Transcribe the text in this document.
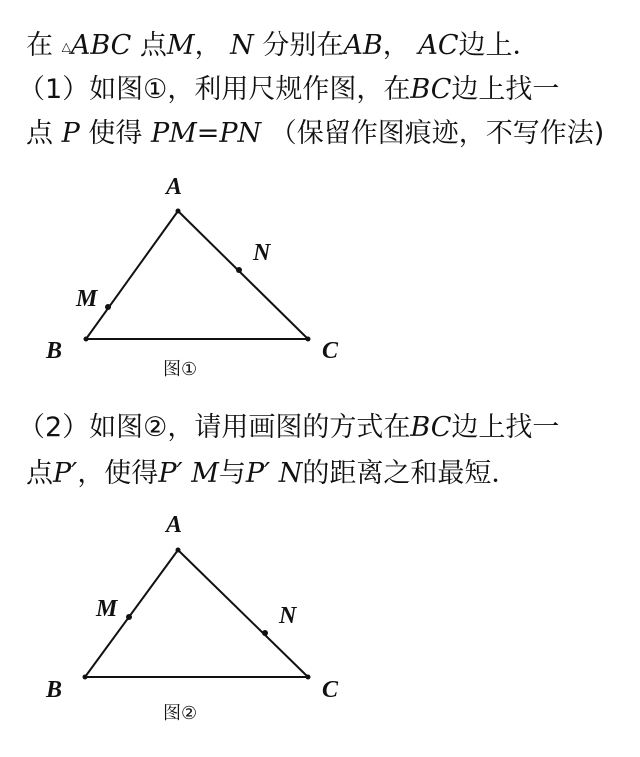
在 △ABC 点M， N 分别在AB， AC边上．
（1）如图①，利用尺规作图，在BC边上找一
点 P 使得 PM=PN （保留作图痕迹，不写作法)
A
B	C
M
N
图①
（2）如图②，请用画图的方式在BC边上找一
点P′，使得P′ M与P′ N的距离之和最短．
A
B	C
M	N
图②
